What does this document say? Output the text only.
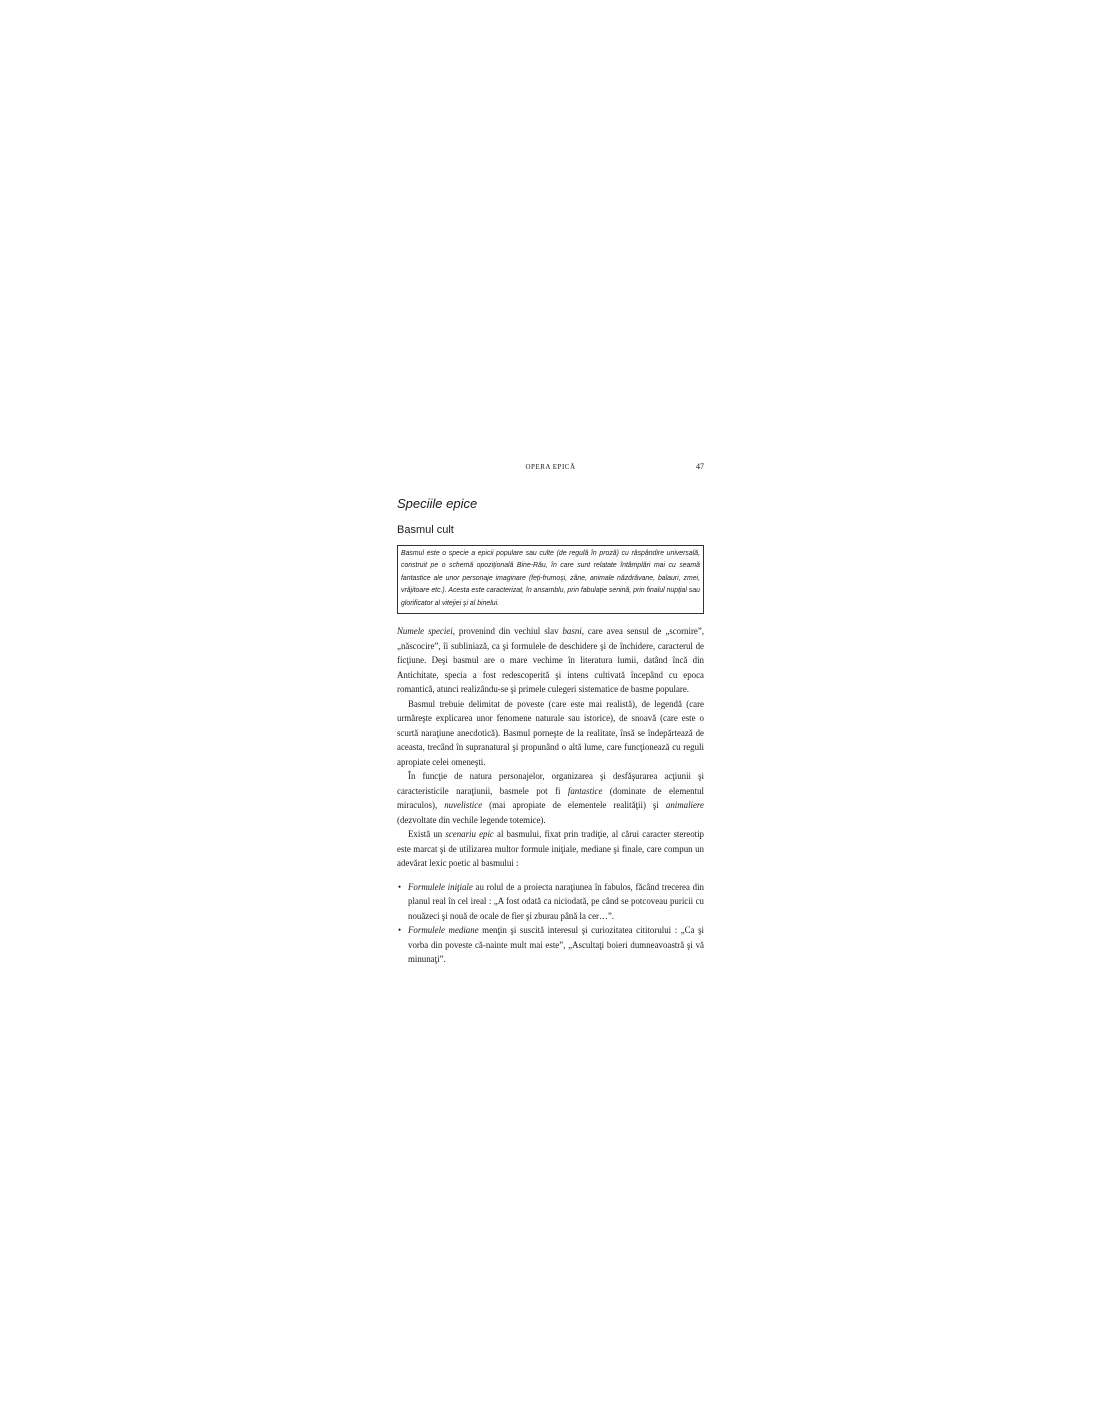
OPERA EPICĂ	47
Speciile epice
Basmul cult
Basmul este o specie a epicii populare sau culte (de regulă în proză) cu răspândire universală, construit pe o schemă opoziţională Bine-Rău, în care sunt relatate întâmplări mai cu seamă fantastice ale unor personaje imaginare (feţi-frumoşi, zâne, animale năzdrăvane, balauri, zmei, vrăjitoare etc.). Acesta este caracterizat, în ansamblu, prin fabulaţie senină, prin finalul nupţial sau glorificator al vitejiei şi al binelui.

Numele speciei, provenind din vechiul slav basni, care avea sensul de „scornire”, „născocire”, îi subliniază, ca şi formulele de deschidere şi de închidere, caracterul de ficţiune. Deşi basmul are o mare vechime în literatura lumii, datând încă din Antichitate, specia a fost redescoperită şi intens cultivată începând cu epoca romantică, atunci realizându-se şi primele culegeri sistematice de basme populare.

Basmul trebuie delimitat de poveste (care este mai realistă), de legendă (care urmăreşte explicarea unor fenomene naturale sau istorice), de snoavă (care este o scurtă naraţiune anecdotică). Basmul porneşte de la realitate, însă se îndepărtează de aceasta, trecând în supranatural şi propunând o altă lume, care funcţionează cu reguli apropiate celei omeneşti.

În funcţie de natura personajelor, organizarea şi desfăşurarea acţiunii şi caracteristicile naraţiunii, basmele pot fi fantastice (dominate de elementul miraculos), nuvelistice (mai apropiate de elementele realităţii) şi animaliere (dezvoltate din vechile legende totemice).

Există un scenariu epic al basmului, fixat prin tradiţie, al cărui caracter stereotip este marcat şi de utilizarea multor formule iniţiale, mediane şi finale, care compun un adevărat lexic poetic al basmului :

• Formulele iniţiale au rolul de a proiecta naraţiunea în fabulos, făcând trecerea din planul real în cel ireal : „A fost odată ca niciodată, pe când se potcoveau puricii cu nouăzeci şi nouă de ocale de fier şi zburau până la cer…”.
• Formulele mediane menţin şi suscită interesul şi curiozitatea cititorului : „Ca şi vorba din poveste că-nainte mult mai este”, „Ascultaţi boieri dumneavoastră şi vă minunaţi”.
